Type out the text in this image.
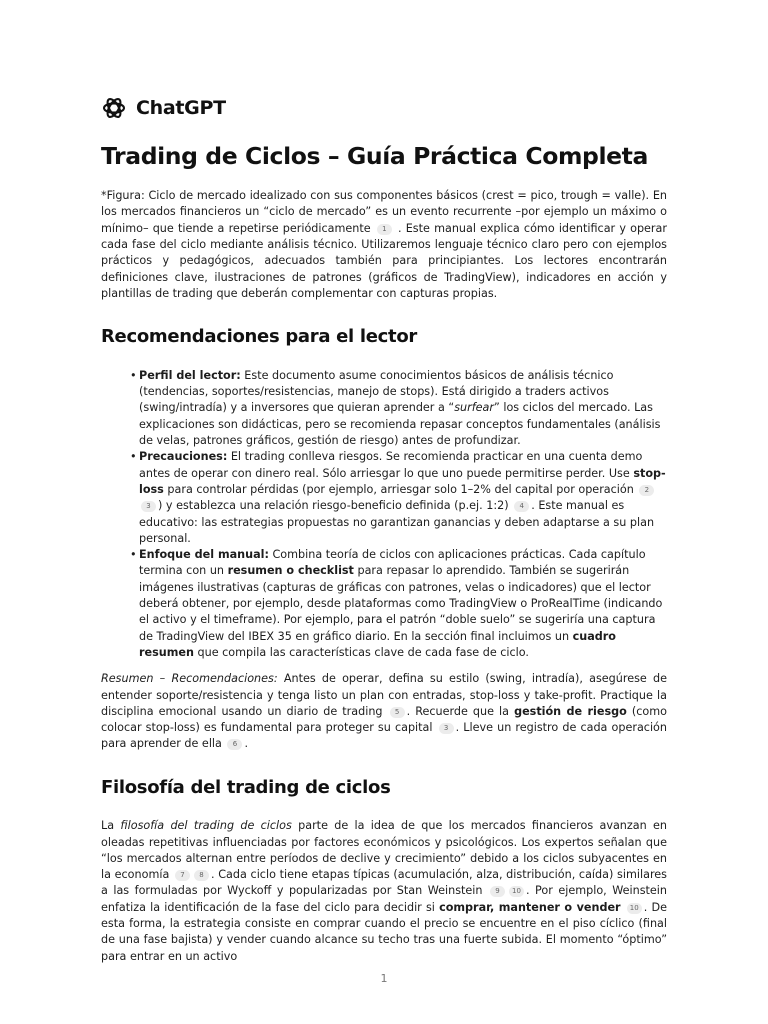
ChatGPT
Trading de Ciclos – Guía Práctica Completa

*Figura: Ciclo de mercado idealizado con sus componentes básicos (crest = pico, trough = valle). En los mercados financieros un “ciclo de mercado” es un evento recurrente –por ejemplo un máximo o mínimo– que tiende a repetirse periódicamente 1 . Este manual explica cómo identificar y operar cada fase del ciclo mediante análisis técnico. Utilizaremos lenguaje técnico claro pero con ejemplos prácticos y pedagógicos, adecuados también para principiantes. Los lectores encontrarán definiciones clave, ilustraciones de patrones (gráficos de TradingView), indicadores en acción y plantillas de trading que deberán complementar con capturas propias.

Recomendaciones para el lector
• Perfil del lector: Este documento asume conocimientos básicos de análisis técnico (tendencias, soportes/resistencias, manejo de stops). Está dirigido a traders activos (swing/intradía) y a inversores que quieran aprender a “surfear” los ciclos del mercado. Las explicaciones son didácticas, pero se recomienda repasar conceptos fundamentales (análisis de velas, patrones gráficos, gestión de riesgo) antes de profundizar.
• Precauciones: El trading conlleva riesgos. Se recomienda practicar en una cuenta demo antes de operar con dinero real. Sólo arriesgar lo que uno puede permitirse perder. Use stop-loss para controlar pérdidas (por ejemplo, arriesgar solo 1–2% del capital por operación 23 ) y establezca una relación riesgo-beneficio definida (p.ej. 1:2) 4 . Este manual es educativo: las estrategias propuestas no garantizan ganancias y deben adaptarse a su plan personal.
• Enfoque del manual: Combina teoría de ciclos con aplicaciones prácticas. Cada capítulo termina con un resumen o checklist para repasar lo aprendido. También se sugerirán imágenes ilustrativas (capturas de gráficas con patrones, velas o indicadores) que el lector deberá obtener, por ejemplo, desde plataformas como TradingView o ProRealTime (indicando el activo y el timeframe). Por ejemplo, para el patrón “doble suelo” se sugeriría una captura de TradingView del IBEX 35 en gráfico diario. En la sección final incluimos un cuadro resumen que compila las características clave de cada fase de ciclo.

Resumen – Recomendaciones: Antes de operar, defina su estilo (swing, intradía), asegúrese de entender soporte/resistencia y tenga listo un plan con entradas, stop-loss y take-profit. Practique la disciplina emocional usando un diario de trading 5 . Recuerde que la gestión de riesgo (como colocar stop-loss) es fundamental para proteger su capital 3 . Lleve un registro de cada operación para aprender de ella 6 .

Filosofía del trading de ciclos

La filosofía del trading de ciclos parte de la idea de que los mercados financieros avanzan en oleadas repetitivas influenciadas por factores económicos y psicológicos. Los expertos señalan que “los mercados alternan entre períodos de declive y crecimiento” debido a los ciclos subyacentes en la economía 7 8 . Cada ciclo tiene etapas típicas (acumulación, alza, distribución, caída) similares a las formuladas por Wyckoff y popularizadas por Stan Weinstein 9 10 . Por ejemplo, Weinstein enfatiza la identificación de la fase del ciclo para decidir si comprar, mantener o vender 10 . De esta forma, la estrategia consiste en comprar cuando el precio se encuentre en el piso cíclico (final de una fase bajista) y vender cuando alcance su techo tras una fuerte subida. El momento “óptimo” para entrar en un activo

1
